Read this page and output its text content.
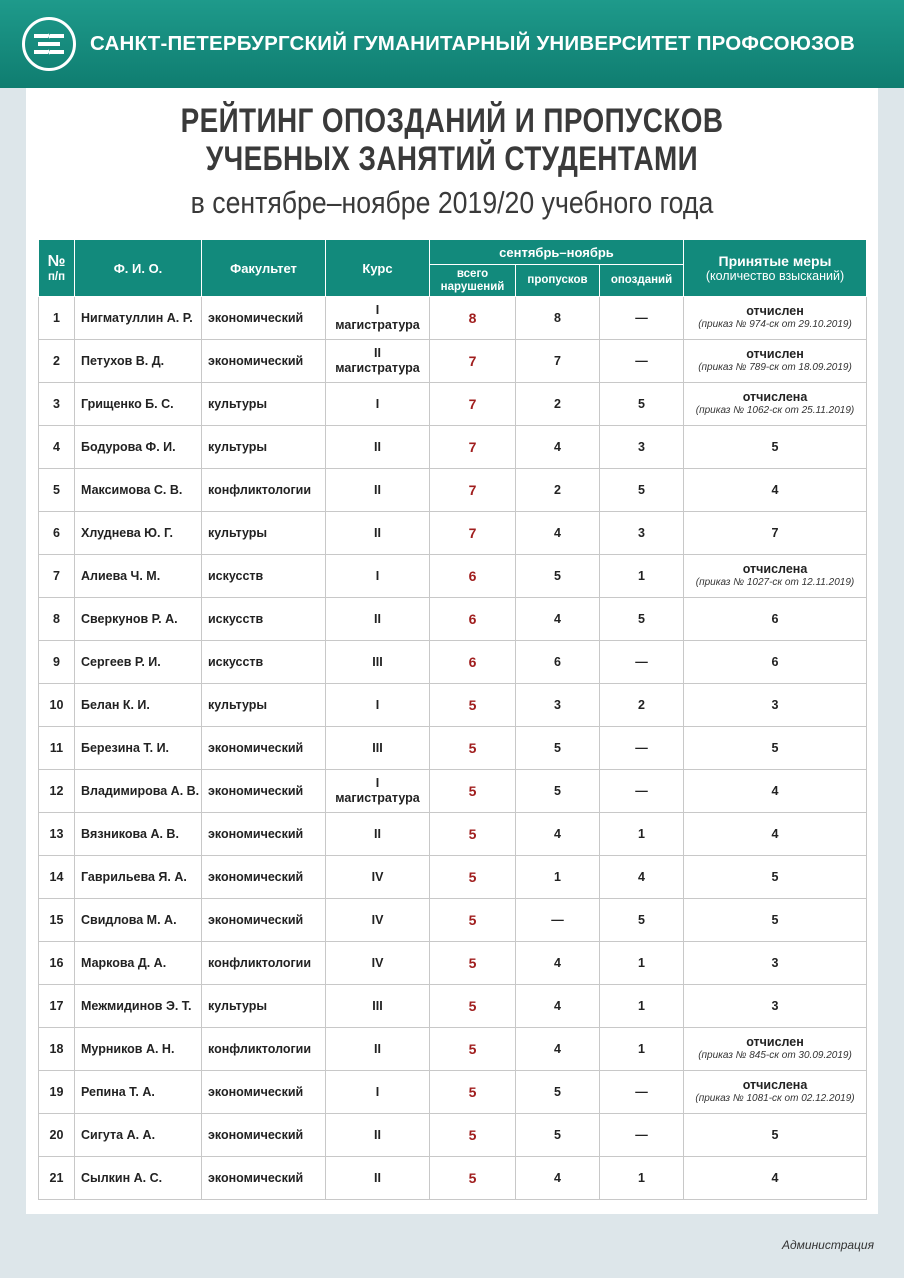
САНКТ-ПЕТЕРБУРГСКИЙ ГУМАНИТАРНЫЙ УНИВЕРСИТЕТ ПРОФСОЮЗОВ
РЕЙТИНГ ОПОЗДАНИЙ И ПРОПУСКОВ
УЧЕБНЫХ ЗАНЯТИЙ СТУДЕНТАМИ
в сентябре–ноябре 2019/20 учебного года
№
п/п	Ф. И. О.	Факультет	Курс	сентябрь–ноябрь			Принятые меры
(количество взысканий)

				всего
нарушений	пропусков	опозданий	
1	Нигматуллин А. Р.	экономический	I
магистратура	8	8	—	отчислен
(приказ № 974-ск от 29.10.2019)

2	Петухов В. Д.	экономический	II
магистратура	7	7	—	отчислен
(приказ № 789-ск от 18.09.2019)

3	Грищенко Б. С.	культуры	I	7	2	5	отчислена
(приказ № 1062-ск от 25.11.2019)

4	Бодурова Ф. И.	культуры	II	7	4	3	5

5	Максимова С. В.	конфликтологии	II	7	2	5	4

6	Хлуднева Ю. Г.	культуры	II	7	4	3	7

7	Алиева Ч. М.	искусств	I	6	5	1	отчислена
(приказ № 1027-ск от 12.11.2019)

8	Сверкунов Р. А.	искусств	II	6	4	5	6

9	Сергеев Р. И.	искусств	III	6	6	—	6

10	Белан К. И.	культуры	I	5	3	2	3

11	Березина Т. И.	экономический	III	5	5	—	5

12	Владимирова А. В.	экономический	I
магистратура	5	5	—	4

13	Вязникова А. В.	экономический	II	5	4	1	4

14	Гаврильева Я. А.	экономический	IV	5	1	4	5

15	Свидлова М. А.	экономический	IV	5	—	5	5

16	Маркова Д. А.	конфликтологии	IV	5	4	1	3

17	Межмидинов Э. Т.	культуры	III	5	4	1	3

18	Мурников А. Н.	конфликтологии	II	5	4	1	отчислен
(приказ № 845-ск от 30.09.2019)

19	Репина Т. А.	экономический	I	5	5	—	отчислена
(приказ № 1081-ск от 02.12.2019)

20	Сигута А. А.	экономический	II	5	5	—	5

21	Сылкин А. С.	экономический	II	5	4	1	4
Администрация
